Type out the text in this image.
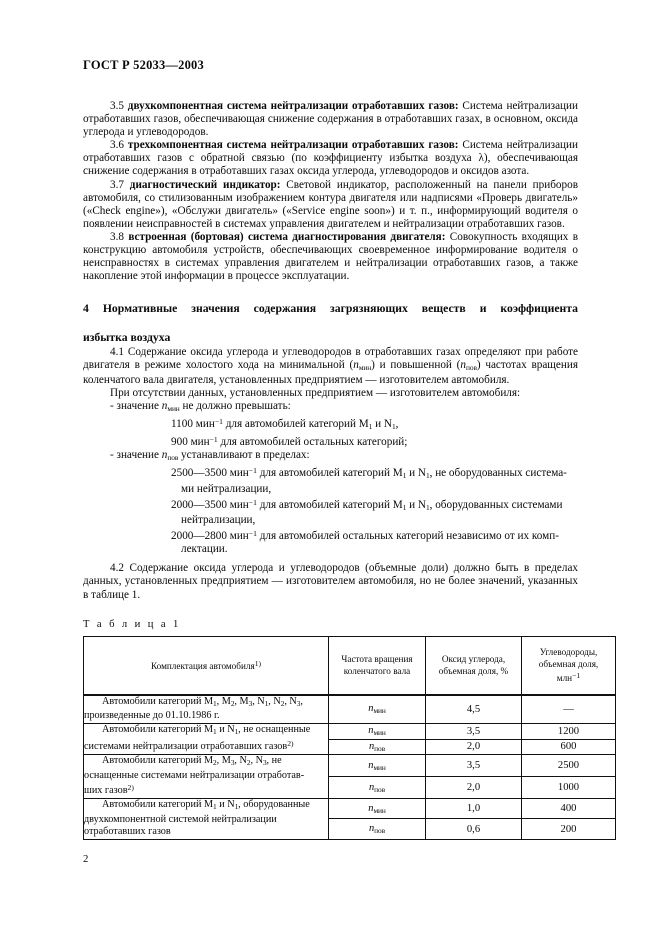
ГОСТ Р 52033—2003

3.5 двухкомпонентная система нейтрализации отработавших газов: Система нейтрализации отработавших газов, обеспечивающая снижение содержания в отработавших газах, в основном, оксида углерода и углеводородов.

3.6 трехкомпонентная система нейтрализации отработавших газов: Система нейтрализации отработавших газов с обратной связью (по коэффициенту избытка воздуха λ), обеспечивающая снижение содержания в отработавших газах оксида углерода, углеводородов и оксидов азота.

3.7 диагностический индикатор: Световой индикатор, расположенный на панели приборов автомобиля, со стилизованным изображением контура двигателя или надписями «Проверь двигатель» («Check engine»), «Обслужи двигатель» («Service engine soon») и т. п., информирующий водителя о появлении неисправностей в системах управления двигателем и нейтрализации отработавших газов.

3.8 встроенная (бортовая) система диагностирования двигателя: Совокупность входящих в конструкцию автомобиля устройств, обеспечивающих своевременное информирование водителя о неисправностях в системах управления двигателем и нейтрализации отработавших газов, а также накопление этой информации в процессе эксплуатации.

4 Нормативные значения содержания загрязняющих веществ и коэффициента
избытка воздуха

4.1 Содержание оксида углерода и углеводородов в отработавших газах определяют при работе двигателя в режиме холостого хода на минимальной $(n_{мин})$ и повышенной $(n_{пов})$ частотах вращения коленчатого вала двигателя, установленных предприятием — изготовителем автомобиля.

При отсутствии данных, установленных предприятием — изготовителем автомобиля:

- значение $n_{мин}$ не должно превышать:

1100 мин$^{-1}$ для автомобилей категорий $M_1$ и $N_1$,

900 мин$^{-1}$ для автомобилей остальных категорий;

- значение $n_{пов}$ устанавливают в пределах:

2500—3500 мин$^{-1}$ для автомобилей категорий $M_1$ и $N_1$, не оборудованных система-
ми нейтрализации,

2000—3500 мин$^{-1}$ для автомобилей категорий $M_1$ и $N_1$, оборудованных системами
нейтрализации,

2000—2800 мин$^{-1}$ для автомобилей остальных категорий независимо от их комп-
лектации.

4.2 Содержание оксида углерода и углеводородов (объемные доли) должно быть в пределах данных, установленных предприятием — изготовителем автомобиля, но не более значений, указанных в таблице 1.

Т а б л и ц а 1
Комплектация автомобиля$^{1)}$	Частота вращения
коленчатого вала	Оксид углерода,
объемная доля, %	Углеводороды,
объемная доля,
млн$^{-1}$

Автомобили категорий $M_1$, $M_2$, $M_3$, $N_1$, $N_2$, $N_3$,
произведенные до 01.10.1986 г.	$n_{мин}$	4,5	—
Автомобили категорий $M_1$ и $N_1$, не оснащенные
системами нейтрализации отработавших газов$^{2)}$	$n_{мин}$	3,5	1200
	$n_{пов}$	2,0	600
Автомобили категорий $M_2$, $M_3$, $N_2$, $N_3$, не
оснащенные системами нейтрализации отработав-
ших газов$^{2)}$	$n_{мин}$	3,5	2500
	$n_{пов}$	2,0	1000
Автомобили категорий $M_1$ и $N_1$, оборудованные
двухкомпонентной системой нейтрализации
отработавших газов	$n_{мин}$	1,0	400
	$n_{пов}$	0,6	200
2
